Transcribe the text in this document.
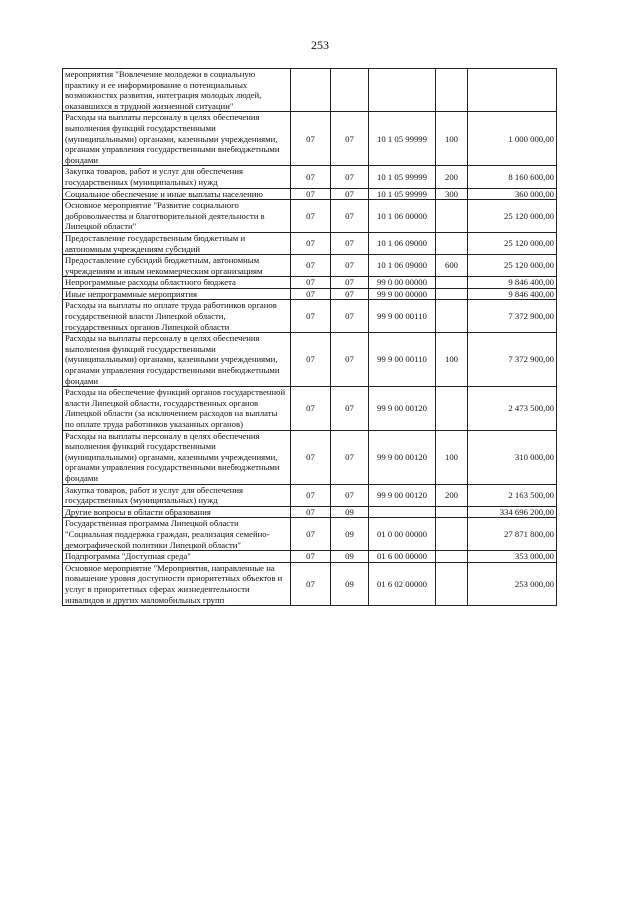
253
мероприятия "Вовлечение молодежи в социальную практику и ее информирование о потенциальных возможностях развития, интеграция молодых людей, оказавшихся в трудной жизненной ситуации"					
Расходы на выплаты персоналу в целях обеспечения выполнения функций государственными (муниципальными) органами, казенными учреждениями, органами управления государственными внебюджетными фондами	07	07	10 1 05 99999	100	1 000 000,00
Закупка товаров, работ и услуг для обеспечения государственных (муниципальных) нужд	07	07	10 1 05 99999	200	8 160 600,00
Социальное обеспечение и иные выплаты населению	07	07	10 1 05 99999	300	360 000,00
Основное мероприятие "Развитие социального добровольчества и благотворительной деятельности в Липецкой области"	07	07	10 1 06 00000		25 120 000,00
Предоставление государственным бюджетным и автономным учреждениям субсидий	07	07	10 1 06 09000		25 120 000,00
Предоставление субсидий бюджетным, автономным учреждениям и иным некоммерческим организациям	07	07	10 1 06 09000	600	25 120 000,00
Непрограммные расходы областного бюджета	07	07	99 0 00 00000		9 846 400,00
Иные непрограммные мероприятия	07	07	99 9 00 00000		9 846 400,00
Расходы на выплаты по оплате труда работников органов государственной власти Липецкой области, государственных органов Липецкой области	07	07	99 9 00 00110		7 372 900,00
Расходы на выплаты персоналу в целях обеспечения выполнения функций государственными (муниципальными) органами, казенными учреждениями, органами управления государственными внебюджетными фондами	07	07	99 9 00 00110	100	7 372 900,00
Расходы на обеспечение функций органов государственной власти Липецкой области, государственных органов Липецкой области (за исключением расходов на выплаты по оплате труда работников указанных органов)	07	07	99 9 00 00120		2 473 500,00
Расходы на выплаты персоналу в целях обеспечения выполнения функций государственными (муниципальными) органами, казенными учреждениями, органами управления государственными внебюджетными фондами	07	07	99 9 00 00120	100	310 000,00
Закупка товаров, работ и услуг для обеспечения государственных (муниципальных) нужд	07	07	99 9 00 00120	200	2 163 500,00
Другие вопросы в области образования	07	09			334 696 200,00
Государственная программа Липецкой области "Социальная поддержка граждан, реализация семейно-демографической политики Липецкой области"	07	09	01 0 00 00000		27 871 800,00
Подпрограмма "Доступная среда"	07	09	01 6 00 00000		353 000,00
Основное мероприятие "Мероприятия, направленные на повышение уровня доступности приоритетных объектов и услуг в приоритетных сферах жизнедеятельности инвалидов и других маломобильных групп	07	09	01 6 02 00000		253 000,00
